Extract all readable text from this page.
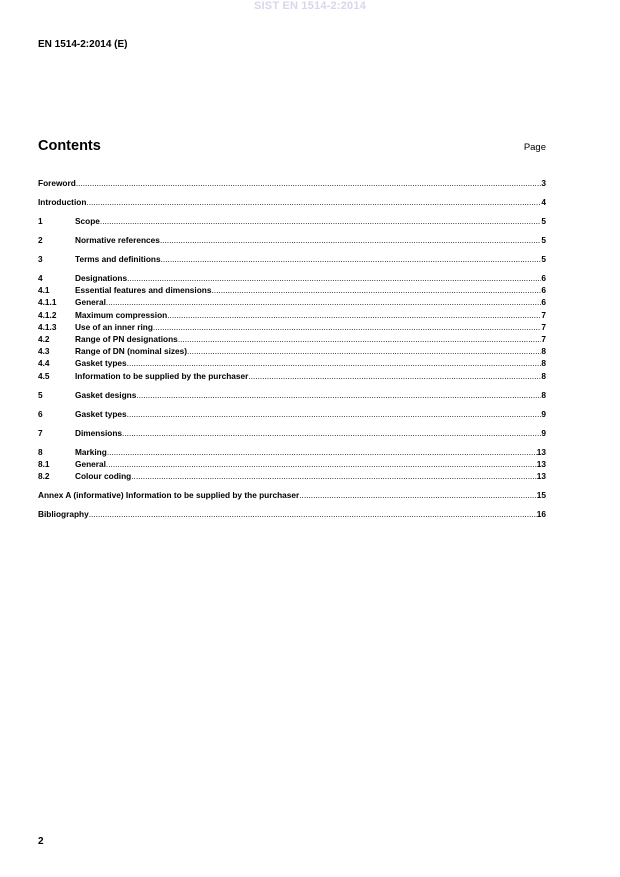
SIST EN 1514-2:2014
EN 1514-2:2014 (E)
Contents	Page
Foreword .....	3
Introduction .....	4
1	Scope .....	5
2	Normative references .....	5
3	Terms and definitions .....	5
4	Designations .....	6
4.1	Essential features and dimensions .....	6
4.1.1	General .....	6
4.1.2	Maximum compression .....	7
4.1.3	Use of an inner ring .....	7
4.2	Range of PN designations .....	7
4.3	Range of DN (nominal sizes) .....	8
4.4	Gasket types .....	8
4.5	Information to be supplied by the purchaser .....	8
5	Gasket designs .....	8
6	Gasket types .....	9
7	Dimensions .....	9
8	Marking .....	13
8.1	General .....	13
8.2	Colour coding .....	13
Annex A (informative) Information to be supplied by the purchaser .....	15
Bibliography .....	16
2
